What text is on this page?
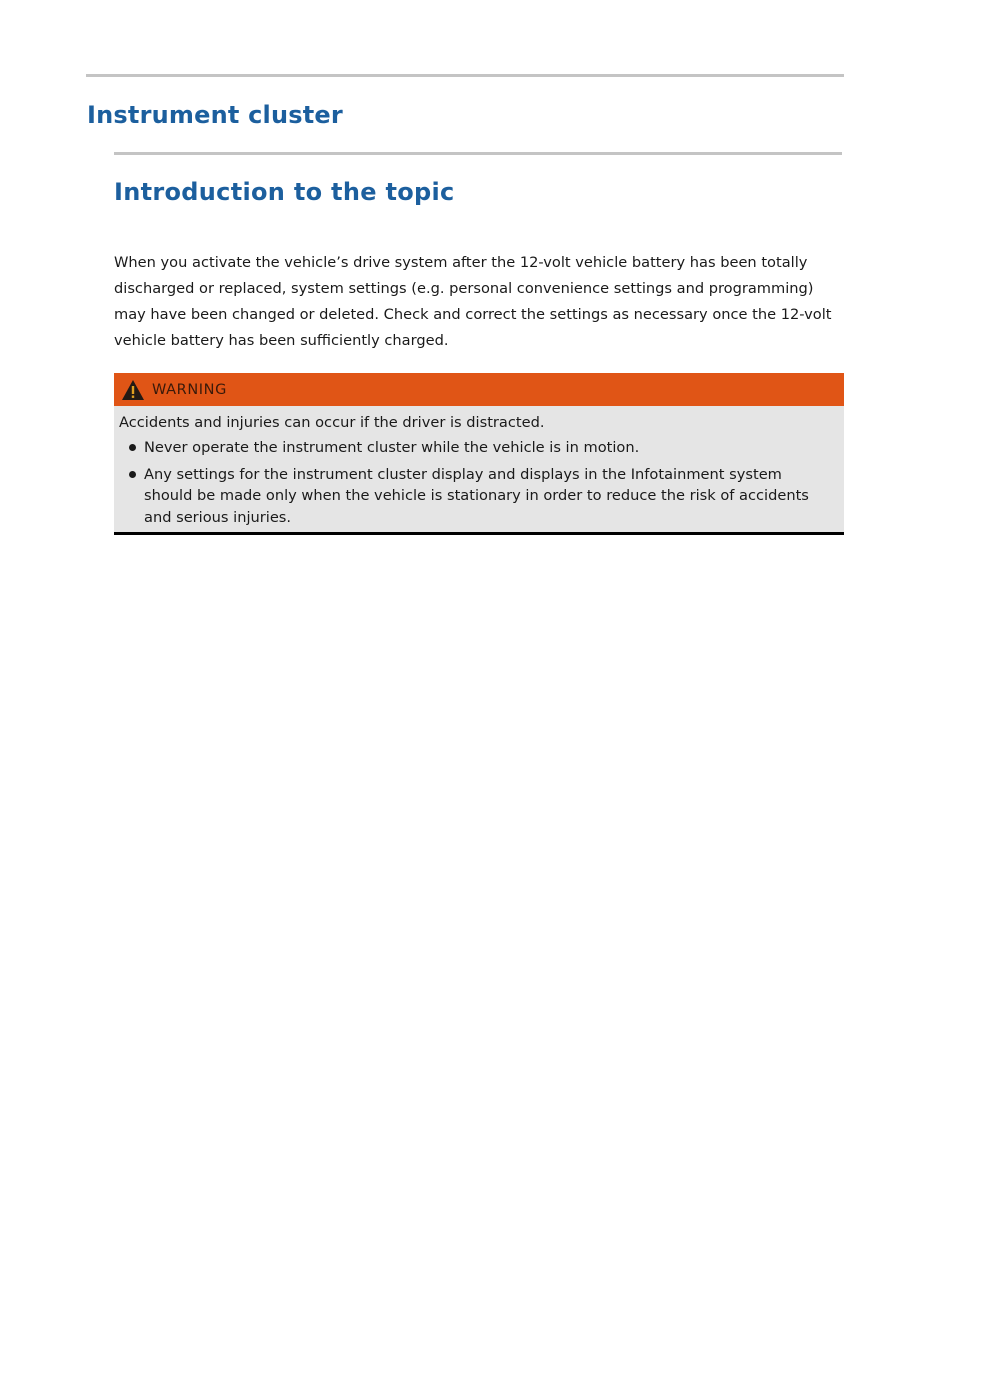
Instrument cluster
Introduction to the topic

When you activate the vehicle’s drive system after the 12-volt vehicle battery has been totally discharged or replaced, system settings (e.g. personal convenience settings and programming) may have been changed or deleted. Check and correct the settings as necessary once the 12-volt vehicle battery has been sufficiently charged.

WARNING

Accidents and injuries can occur if the driver is distracted.

Never operate the instrument cluster while the vehicle is in motion.
Any settings for the instrument cluster display and displays in the Infotainment system should be made only when the vehicle is stationary in order to reduce the risk of accidents and serious injuries.
